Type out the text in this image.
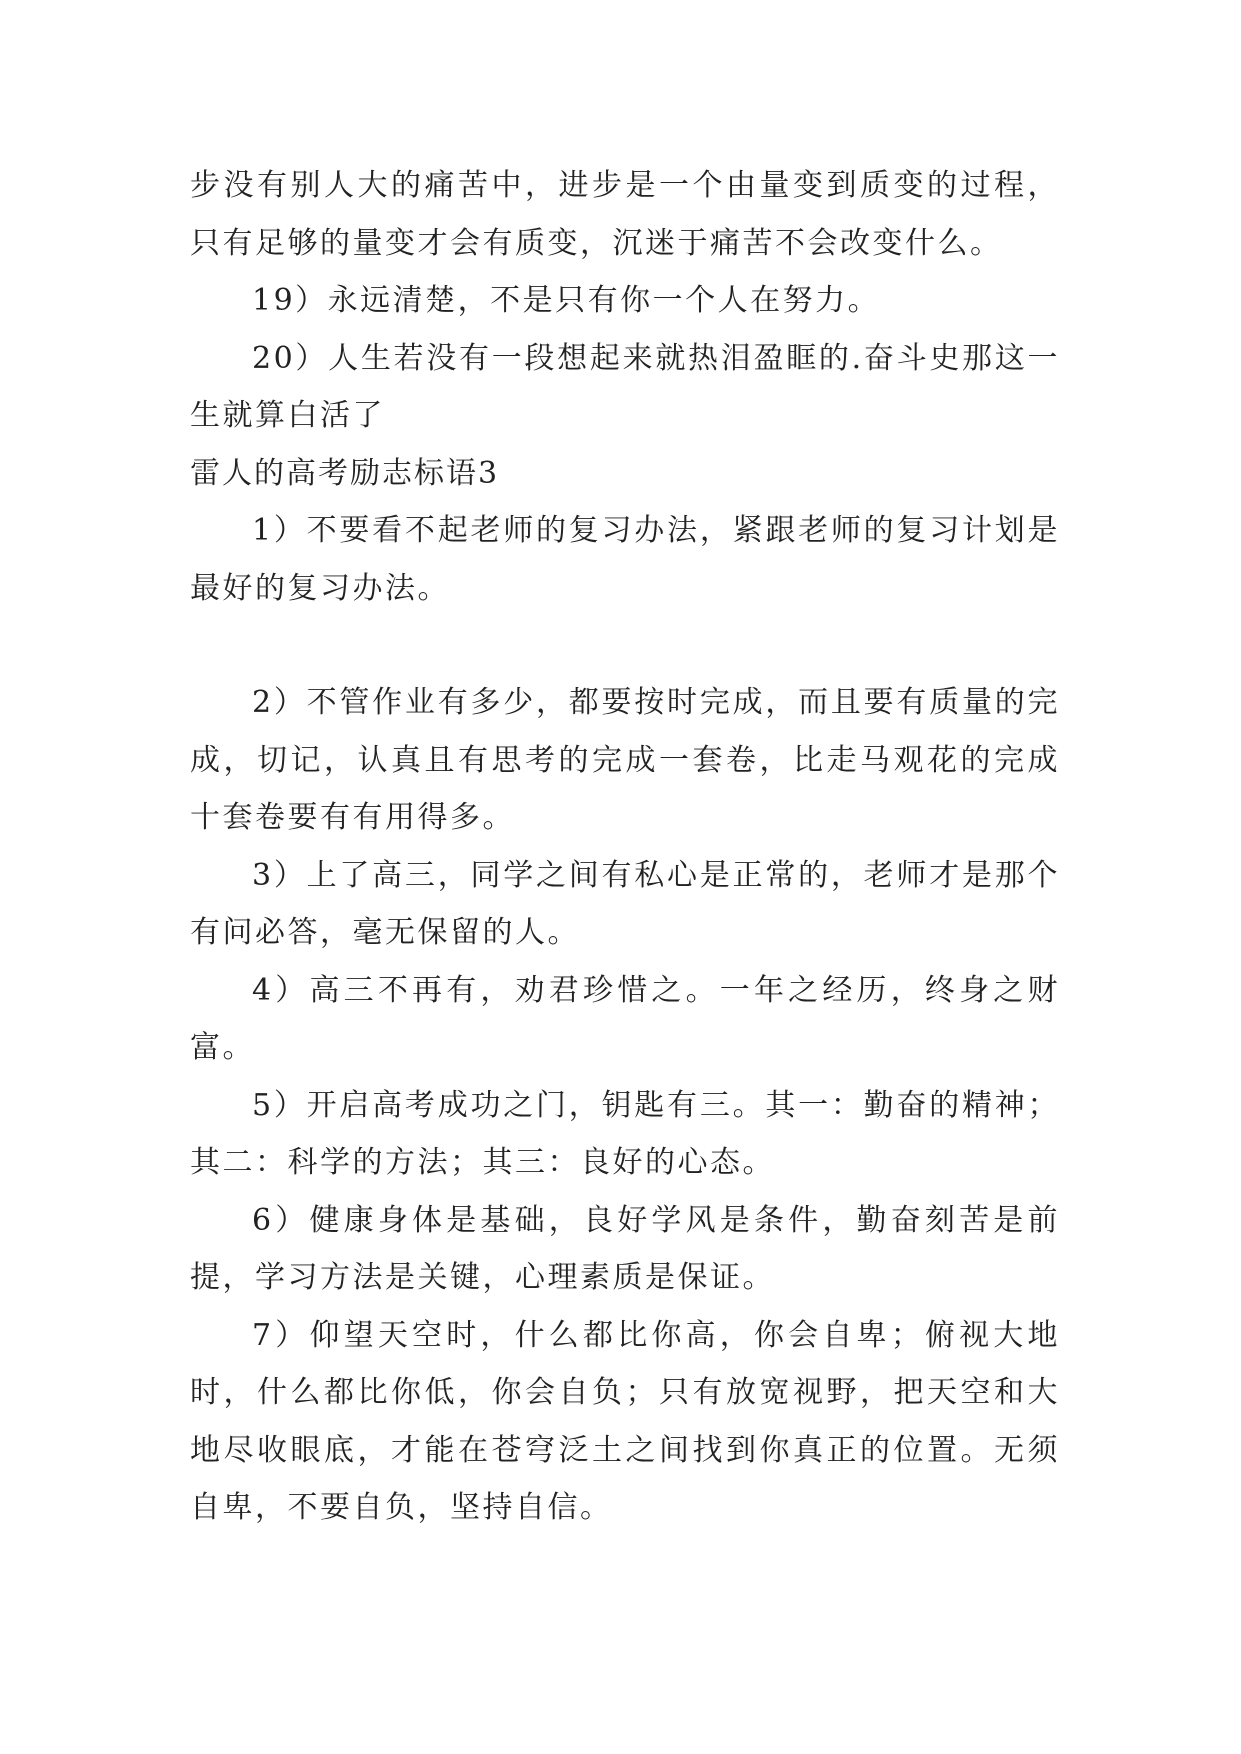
步没有别人大的痛苦中，进步是一个由量变到质变的过程，只有足够的量变才会有质变，沉迷于痛苦不会改变什么。

19）永远清楚，不是只有你一个人在努力。

20）人生若没有一段想起来就热泪盈眶的.奋斗史那这一生就算白活了

雷人的高考励志标语3

1）不要看不起老师的复习办法，紧跟老师的复习计划是最好的复习办法。

2）不管作业有多少，都要按时完成，而且要有质量的完成，切记，认真且有思考的完成一套卷，比走马观花的完成十套卷要有有用得多。

3）上了高三，同学之间有私心是正常的，老师才是那个有问必答，毫无保留的人。

4）高三不再有，劝君珍惜之。一年之经历，终身之财富。

5）开启高考成功之门，钥匙有三。其一：勤奋的精神；其二：科学的方法；其三：良好的心态。

6）健康身体是基础，良好学风是条件，勤奋刻苦是前提，学习方法是关键，心理素质是保证。

7）仰望天空时，什么都比你高，你会自卑；俯视大地时，什么都比你低，你会自负；只有放宽视野，把天空和大地尽收眼底，才能在苍穹泛土之间找到你真正的位置。无须自卑，不要自负，坚持自信。
